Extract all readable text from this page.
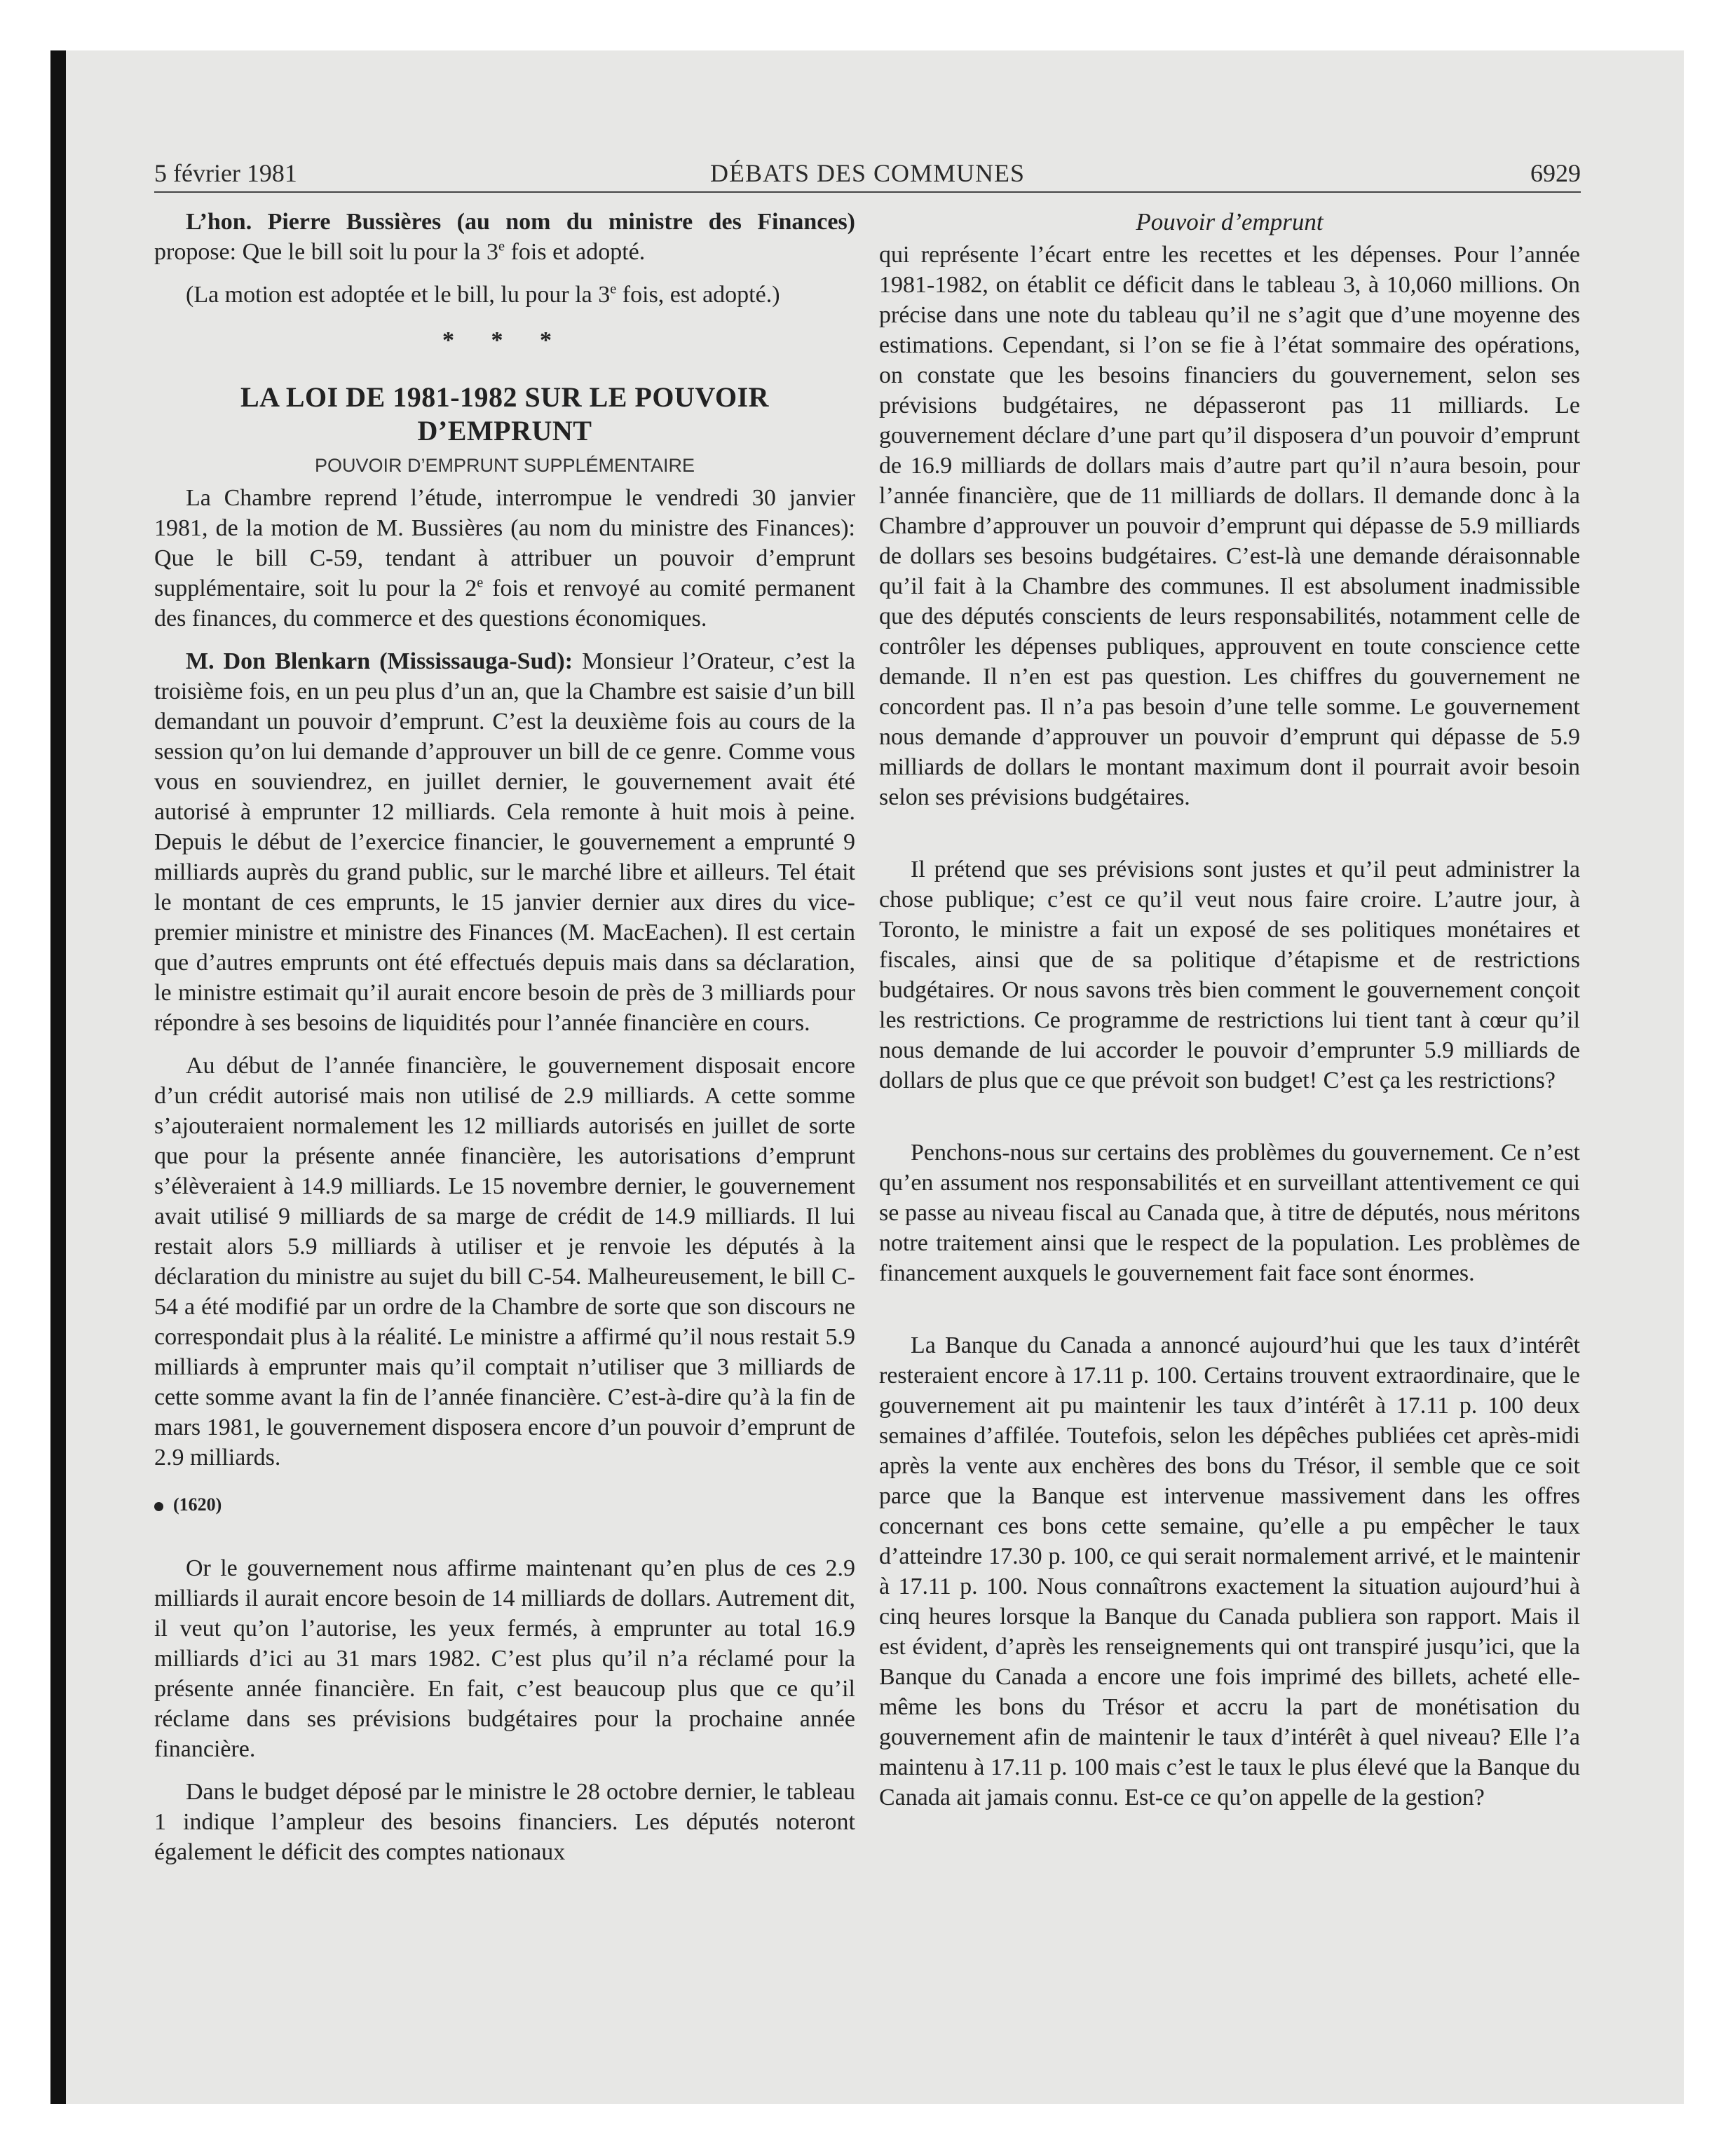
5 février 1981	DÉBATS DES COMMUNES	6929

L’hon. Pierre Bussières (au nom du ministre des Finances) propose: Que le bill soit lu pour la 3e fois et adopté.

(La motion est adoptée et le bill, lu pour la 3e fois, est adopté.)

* * *

LA LOI DE 1981-1982 SUR LE POUVOIR D’EMPRUNT
POUVOIR D’EMPRUNT SUPPLÉMENTAIRE

La Chambre reprend l’étude, interrompue le vendredi 30 janvier 1981, de la motion de M. Bussières (au nom du ministre des Finances): Que le bill C-59, tendant à attribuer un pouvoir d’emprunt supplémentaire, soit lu pour la 2e fois et renvoyé au comité permanent des finances, du commerce et des questions économiques.

M. Don Blenkarn (Mississauga-Sud): Monsieur l’Orateur, c’est la troisième fois, en un peu plus d’un an, que la Chambre est saisie d’un bill demandant un pouvoir d’emprunt. C’est la deuxième fois au cours de la session qu’on lui demande d’approuver un bill de ce genre. Comme vous vous en souviendrez, en juillet dernier, le gouvernement avait été autorisé à emprunter 12 milliards. Cela remonte à huit mois à peine. Depuis le début de l’exercice financier, le gouvernement a emprunté 9 milliards auprès du grand public, sur le marché libre et ailleurs. Tel était le montant de ces emprunts, le 15 janvier dernier aux dires du vice-premier ministre et ministre des Finances (M. MacEachen). Il est certain que d’autres emprunts ont été effectués depuis mais dans sa déclaration, le ministre estimait qu’il aurait encore besoin de près de 3 milliards pour répondre à ses besoins de liquidités pour l’année financière en cours.

Au début de l’année financière, le gouvernement disposait encore d’un crédit autorisé mais non utilisé de 2.9 milliards. A cette somme s’ajouteraient normalement les 12 milliards autorisés en juillet de sorte que pour la présente année financière, les autorisations d’emprunt s’élèveraient à 14.9 milliards. Le 15 novembre dernier, le gouvernement avait utilisé 9 milliards de sa marge de crédit de 14.9 milliards. Il lui restait alors 5.9 milliards à utiliser et je renvoie les députés à la déclaration du ministre au sujet du bill C-54. Malheureusement, le bill C-54 a été modifié par un ordre de la Chambre de sorte que son discours ne correspondait plus à la réalité. Le ministre a affirmé qu’il nous restait 5.9 milliards à emprunter mais qu’il comptait n’utiliser que 3 milliards de cette somme avant la fin de l’année financière. C’est-à-dire qu’à la fin de mars 1981, le gouvernement disposera encore d’un pouvoir d’emprunt de 2.9 milliards.

(1620)

Or le gouvernement nous affirme maintenant qu’en plus de ces 2.9 milliards il aurait encore besoin de 14 milliards de dollars. Autrement dit, il veut qu’on l’autorise, les yeux fermés, à emprunter au total 16.9 milliards d’ici au 31 mars 1982. C’est plus qu’il n’a réclamé pour la présente année financière. En fait, c’est beaucoup plus que ce qu’il réclame dans ses prévisions budgétaires pour la prochaine année financière.

Dans le budget déposé par le ministre le 28 octobre dernier, le tableau 1 indique l’ampleur des besoins financiers. Les députés noteront également le déficit des comptes nationaux

Pouvoir d’emprunt

qui représente l’écart entre les recettes et les dépenses. Pour l’année 1981-1982, on établit ce déficit dans le tableau 3, à 10,060 millions. On précise dans une note du tableau qu’il ne s’agit que d’une moyenne des estimations. Cependant, si l’on se fie à l’état sommaire des opérations, on constate que les besoins financiers du gouvernement, selon ses prévisions budgétaires, ne dépasseront pas 11 milliards. Le gouvernement déclare d’une part qu’il disposera d’un pouvoir d’emprunt de 16.9 milliards de dollars mais d’autre part qu’il n’aura besoin, pour l’année financière, que de 11 milliards de dollars. Il demande donc à la Chambre d’approuver un pouvoir d’emprunt qui dépasse de 5.9 milliards de dollars ses besoins budgétaires. C’est-là une demande déraisonnable qu’il fait à la Chambre des communes. Il est absolument inadmissible que des députés conscients de leurs responsabilités, notamment celle de contrôler les dépenses publiques, approuvent en toute conscience cette demande. Il n’en est pas question. Les chiffres du gouvernement ne concordent pas. Il n’a pas besoin d’une telle somme. Le gouvernement nous demande d’approuver un pouvoir d’emprunt qui dépasse de 5.9 milliards de dollars le montant maximum dont il pourrait avoir besoin selon ses prévisions budgétaires.

Il prétend que ses prévisions sont justes et qu’il peut administrer la chose publique; c’est ce qu’il veut nous faire croire. L’autre jour, à Toronto, le ministre a fait un exposé de ses politiques monétaires et fiscales, ainsi que de sa politique d’étapisme et de restrictions budgétaires. Or nous savons très bien comment le gouvernement conçoit les restrictions. Ce programme de restrictions lui tient tant à cœur qu’il nous demande de lui accorder le pouvoir d’emprunter 5.9 milliards de dollars de plus que ce que prévoit son budget! C’est ça les restrictions?

Penchons-nous sur certains des problèmes du gouvernement. Ce n’est qu’en assument nos responsabilités et en surveillant attentivement ce qui se passe au niveau fiscal au Canada que, à titre de députés, nous méritons notre traitement ainsi que le respect de la population. Les problèmes de financement auxquels le gouvernement fait face sont énormes.

La Banque du Canada a annoncé aujourd’hui que les taux d’intérêt resteraient encore à 17.11 p. 100. Certains trouvent extraordinaire, que le gouvernement ait pu maintenir les taux d’intérêt à 17.11 p. 100 deux semaines d’affilée. Toutefois, selon les dépêches publiées cet après-midi après la vente aux enchères des bons du Trésor, il semble que ce soit parce que la Banque est intervenue massivement dans les offres concernant ces bons cette semaine, qu’elle a pu empêcher le taux d’atteindre 17.30 p. 100, ce qui serait normalement arrivé, et le maintenir à 17.11 p. 100. Nous connaîtrons exactement la situation aujourd’hui à cinq heures lorsque la Banque du Canada publiera son rapport. Mais il est évident, d’après les renseignements qui ont transpiré jusqu’ici, que la Banque du Canada a encore une fois imprimé des billets, acheté elle-même les bons du Trésor et accru la part de monétisation du gouvernement afin de maintenir le taux d’intérêt à quel niveau? Elle l’a maintenu à 17.11 p. 100 mais c’est le taux le plus élevé que la Banque du Canada ait jamais connu. Est-ce ce qu’on appelle de la gestion?
